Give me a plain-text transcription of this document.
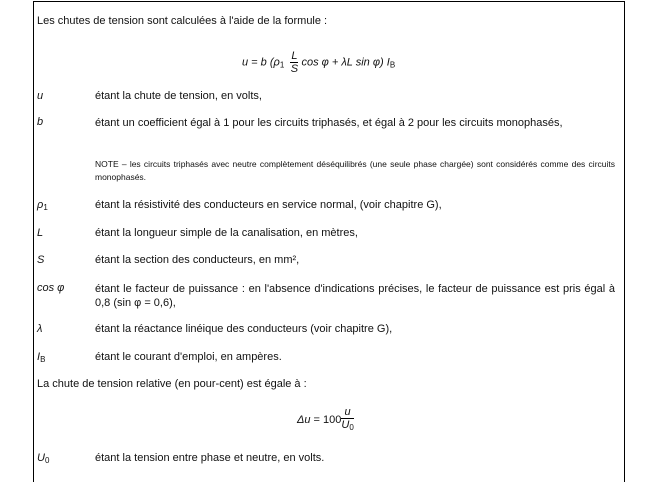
Les chutes de tension sont calculées à l'aide de la formule :
u = b ($\rho_1 \frac{L}{S}$ cos φ + λL sin φ) $I_B$
u	étant la chute de tension, en volts,
b	étant un coefficient égal à 1 pour les circuits triphasés, et égal à 2 pour les circuits monophasés,
NOTE – les circuits triphasés avec neutre complètement déséquilibrés (une seule phase chargée) sont considérés comme des circuits monophasés.
$\rho_1$	étant la résistivité des conducteurs en service normal, (voir chapitre G),
L	étant la longueur simple de la canalisation, en mètres,
S	étant la section des conducteurs, en mm²,
cos φ	étant le facteur de puissance : en l'absence d'indications précises, le facteur de puissance est pris égal à 0,8 (sin φ = 0,6),
λ	étant la réactance linéique des conducteurs (voir chapitre G),
$I_B$	étant le courant d'emploi, en ampères.
La chute de tension relative (en pour-cent) est égale à :
$\Delta u = 100 \frac{u}{U_0}$
$U_0$	étant la tension entre phase et neutre, en volts.
